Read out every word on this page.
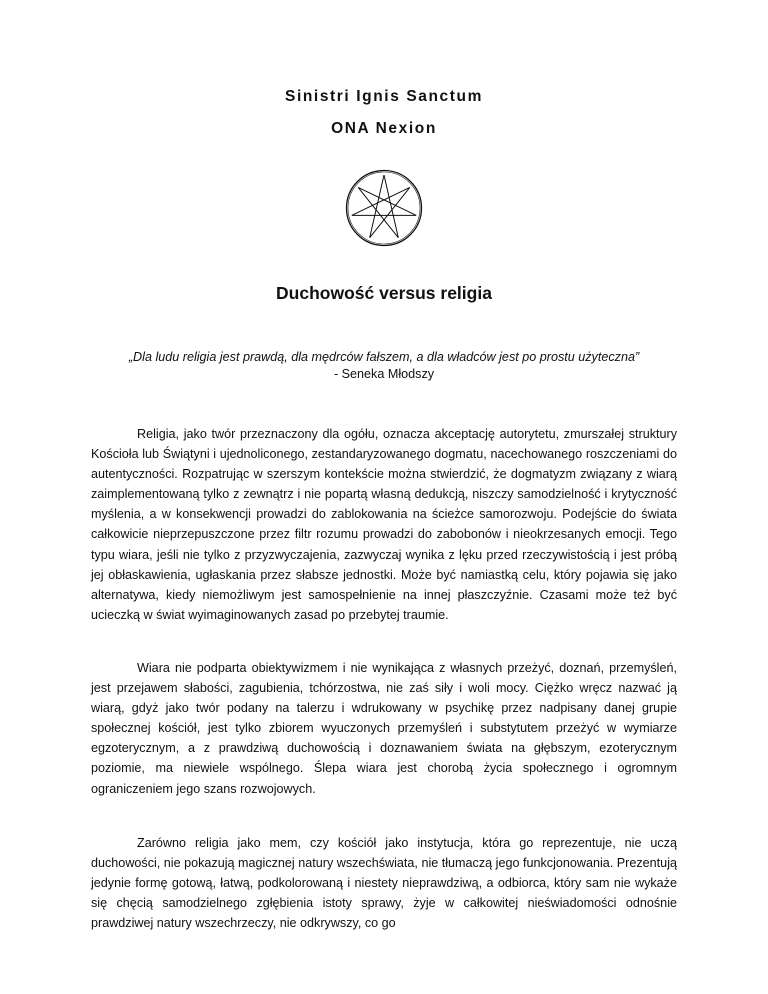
Sinistri Ignis Sanctum
ONA Nexion
Duchowość versus religia
„Dla ludu religia jest prawdą, dla mędrców fałszem, a dla władców jest po prostu użyteczna”
- Seneka Młodszy

Religia, jako twór przeznaczony dla ogółu, oznacza akceptację autorytetu, zmurszałej struktury Kościoła lub Świątyni i ujednoliconego, zestandaryzowanego dogmatu, nacechowanego roszczeniami do autentyczności. Rozpatrując w szerszym kontekście można stwierdzić, że dogmatyzm związany z wiarą zaimplementowaną tylko z zewnątrz i nie popartą własną dedukcją, niszczy samodzielność i krytyczność myślenia, a w konsekwencji prowadzi do zablokowania na ścieżce samorozwoju. Podejście do świata całkowicie nieprzepuszczone przez filtr rozumu prowadzi do zabobonów i nieokrzesanych emocji. Tego typu wiara, jeśli nie tylko z przyzwyczajenia, zazwyczaj wynika z lęku przed rzeczywistością i jest próbą jej obłaskawienia, ugłaskania przez słabsze jednostki. Może być namiastką celu, który pojawia się jako alternatywa, kiedy niemożliwym jest samospełnienie na innej płaszczyźnie. Czasami może też być ucieczką w świat wyimaginowanych zasad po przebytej traumie.

Wiara nie podparta obiektywizmem i nie wynikająca z własnych przeżyć, doznań, przemyśleń, jest przejawem słabości, zagubienia, tchórzostwa, nie zaś siły i woli mocy. Ciężko wręcz nazwać ją wiarą, gdyż jako twór podany na talerzu i wdrukowany w psychikę przez nadpisany danej grupie społecznej kościół, jest tylko zbiorem wyuczonych przemyśleń i substytutem przeżyć w wymiarze egzoterycznym, a z prawdziwą duchowością i doznawaniem świata na głębszym, ezoterycznym poziomie, ma niewiele wspólnego. Ślepa wiara jest chorobą życia społecznego i ogromnym ograniczeniem jego szans rozwojowych.

Zarówno religia jako mem, czy kościół jako instytucja, która go reprezentuje, nie uczą duchowości, nie pokazują magicznej natury wszechświata, nie tłumaczą jego funkcjonowania. Prezentują jedynie formę gotową, łatwą, podkolorowaną i niestety nieprawdziwą, a odbiorca, który sam nie wykaże się chęcią samodzielnego zgłębienia istoty sprawy, żyje w całkowitej nieświadomości odnośnie prawdziwej natury wszechrzeczy, nie odkrywszy, co go
